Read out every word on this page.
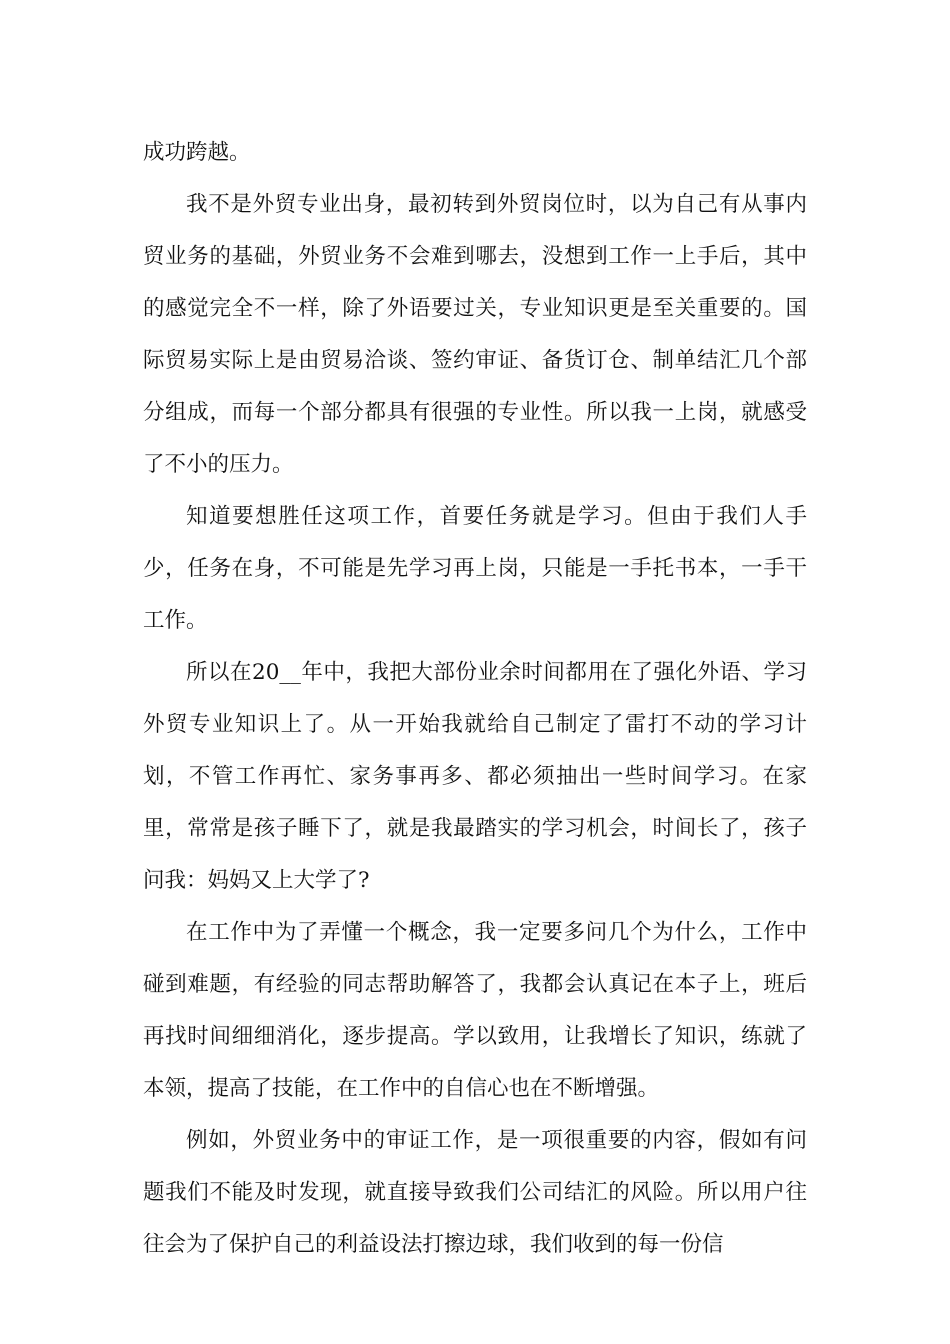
成功跨越。

我不是外贸专业出身，最初转到外贸岗位时，以为自己有从事内贸业务的基础，外贸业务不会难到哪去，没想到工作一上手后，其中的感觉完全不一样，除了外语要过关，专业知识更是至关重要的。国际贸易实际上是由贸易洽谈、签约审证、备货订仓、制单结汇几个部分组成，而每一个部分都具有很强的专业性。所以我一上岗，就感受了不小的压力。

知道要想胜任这项工作，首要任务就是学习。但由于我们人手少，任务在身，不可能是先学习再上岗，只能是一手托书本，一手干工作。

所以在20__年中，我把大部份业余时间都用在了强化外语、学习外贸专业知识上了。从一开始我就给自己制定了雷打不动的学习计划，不管工作再忙、家务事再多、都必须抽出一些时间学习。在家里，常常是孩子睡下了，就是我最踏实的学习机会，时间长了，孩子问我：妈妈又上大学了?

在工作中为了弄懂一个概念，我一定要多问几个为什么，工作中碰到难题，有经验的同志帮助解答了，我都会认真记在本子上，班后再找时间细细消化，逐步提高。学以致用，让我增长了知识，练就了本领，提高了技能，在工作中的自信心也在不断增强。

例如，外贸业务中的审证工作，是一项很重要的内容，假如有问题我们不能及时发现，就直接导致我们公司结汇的风险。所以用户往往会为了保护自己的利益设法打擦边球，我们收到的每一份信
